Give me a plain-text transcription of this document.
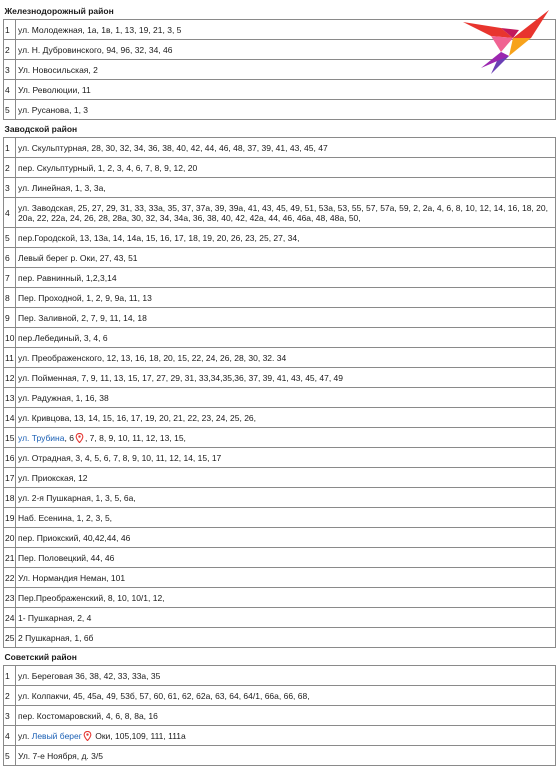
Железнодорожный район	
1	ул. Молодежная, 1а, 1в, 1, 13, 19, 21, 3, 5
2	ул. Н. Дубровинского, 94, 96, 32, 34, 46
3	Ул. Новосильская, 2
4	Ул. Революции, 11
5	ул. Русанова, 1, 3
Заводской район	
1	ул. Скульптурная, 28, 30, 32, 34, 36, 38, 40, 42, 44, 46, 48, 37, 39, 41, 43, 45, 47
2	пер. Скульптурный, 1, 2, 3, 4, 6, 7, 8, 9, 12, 20
3	ул. Линейная, 1, 3, 3а,
4	ул. Заводская, 25, 27, 29, 31, 33, 33а, 35, 37, 37а, 39, 39а, 41, 43, 45, 49, 51, 53а, 53, 55, 57, 57а, 59, 2, 2а, 4, 6, 8, 10, 12, 14, 16, 18, 20, 20а, 22, 22а, 24, 26, 28, 28а, 30, 32, 34, 34а, 36, 38, 40, 42, 42а, 44, 46, 46а, 48, 48а, 50,
5	пер.Городской, 13, 13а, 14, 14а, 15, 16, 17, 18, 19, 20, 26, 23, 25, 27, 34,
6	Левый берег р. Оки, 27, 43, 51
7	пер. Равнинный, 1,2,3,14
8	Пер. Проходной, 1, 2, 9, 9а, 11, 13
9	Пер. Заливной, 2, 7, 9, 11, 14, 18
10	пер.Лебединый, 3, 4, 6
11	ул. Преображенского, 12, 13, 16, 18, 20, 15, 22, 24, 26, 28, 30, 32. 34
12	ул. Пойменная, 7, 9, 11, 13, 15, 17, 27, 29, 31, 33,34,35,36, 37, 39, 41, 43, 45, 47, 49
13	ул. Радужная, 1, 16, 38
14	ул. Кривцова, 13, 14, 15, 16, 17, 19, 20, 21, 22, 23, 24, 25, 26,
15	ул. Трубина, 6 , 7, 8, 9, 10, 11, 12, 13, 15,
16	ул. Отрадная, 3, 4, 5, 6, 7, 8, 9, 10, 11, 12, 14, 15, 17
17	ул. Приокская, 12
18	ул. 2-я Пушкарная, 1, 3, 5, 6а,
19	Наб. Есенина, 1, 2, 3, 5,
20	пер. Приокский, 40,42,44, 46
21	Пер. Половецкий, 44, 46
22	Ул. Нормандия Неман, 101
23	Пер.Преображенский, 8, 10, 10/1, 12,
24	1- Пушкарная, 2, 4
25	2 Пушкарная, 1, 6б
Советский район	
1	ул. Береговая 36, 38, 42, 33, 33а, 35
2	ул. Колпакчи, 45, 45а, 49, 53б, 57, 60, 61, 62, 62а, 63, 64, 64/1, 66а, 66, 68,
3	пер. Костомаровский, 4, 6, 8, 8а, 16
4	ул. Левый берег Оки, 105,109, 111, 111а
5	Ул. 7-е Ноября, д. 3/5
